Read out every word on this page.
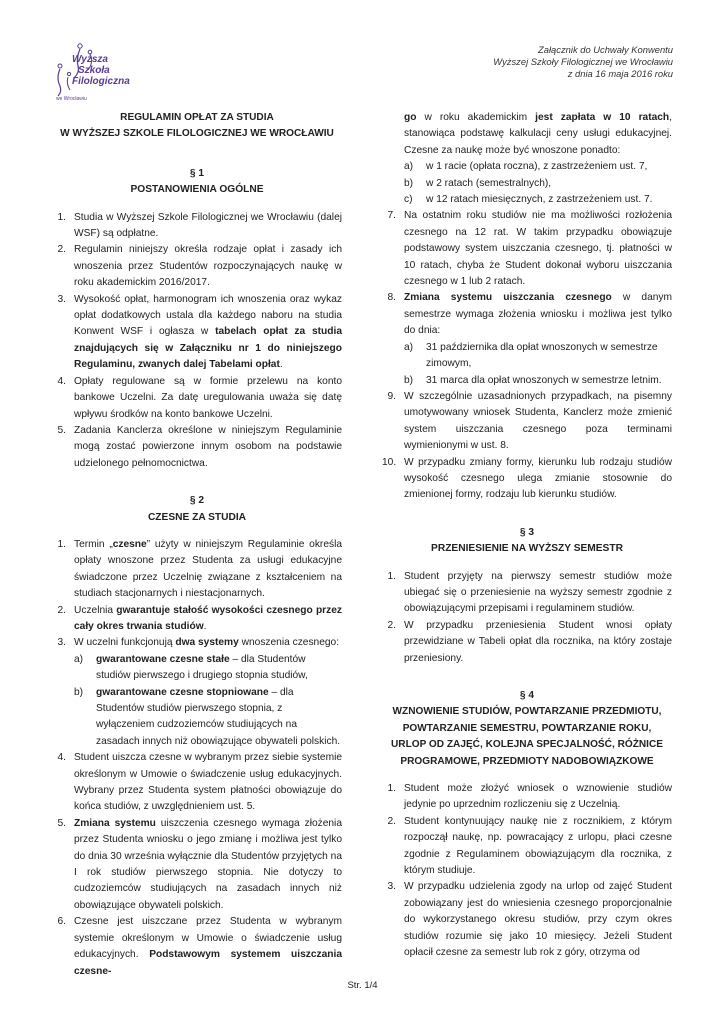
Wyższa
Szkoła
Filologiczna
we Wrocławiu
Załącznik do Uchwały Konwentu
Wyższej Szkoły Filologicznej we Wrocławiu
z dnia 16 maja 2016 roku
REGULAMIN OPŁAT ZA STUDIA
W WYŻSZEJ SZKOLE FILOLOGICZNEJ WE WROCŁAWIU
§ 1
POSTANOWIENIA OGÓLNE
1. Studia w Wyższej Szkole Filologicznej we Wrocławiu (dalej WSF) są odpłatne.
2. Regulamin niniejszy określa rodzaje opłat i zasady ich wnoszenia przez Studentów rozpoczynających naukę w roku akademickim 2016/2017.
3. Wysokość opłat, harmonogram ich wnoszenia oraz wykaz opłat dodatkowych ustala dla każdego naboru na studia Konwent WSF i ogłasza w tabelach opłat za studia znajdujących się w Załączniku nr 1 do niniejszego Regulaminu, zwanych dalej Tabelami opłat.
4. Opłaty regulowane są w formie przelewu na konto bankowe Uczelni. Za datę uregulowania uważa się datę wpływu środków na konto bankowe Uczelni.
5. Zadania Kanclerza określone w niniejszym Regulaminie mogą zostać powierzone innym osobom na podstawie udzielonego pełnomocnictwa.
§ 2
CZESNE ZA STUDIA
1. Termin „czesne” użyty w niniejszym Regulaminie określa opłaty wnoszone przez Studenta za usługi edukacyjne świadczone przez Uczelnię związane z kształceniem na studiach stacjonarnych i niestacjonarnych.
2. Uczelnia gwarantuje stałość wysokości czesnego przez cały okres trwania studiów.
3. W uczelni funkcjonują dwa systemy wnoszenia czesnego:
a) gwarantowane czesne stałe – dla Studentów studiów pierwszego i drugiego stopnia studiów,
b) gwarantowane czesne stopniowane – dla Studentów studiów pierwszego stopnia, z wyłączeniem cudzoziemców studiujących na zasadach innych niż obowiązujące obywateli polskich.
4. Student uiszcza czesne w wybranym przez siebie systemie określonym w Umowie o świadczenie usług edukacyjnych. Wybrany przez Studenta system płatności obowiązuje do końca studiów, z uwzględnieniem ust. 5.
5. Zmiana systemu uiszczenia czesnego wymaga złożenia przez Studenta wniosku o jego zmianę i możliwa jest tylko do dnia 30 września wyłącznie dla Studentów przyjętych na I rok studiów pierwszego stopnia. Nie dotyczy to cudzoziemców studiujących na zasadach innych niż obowiązujące obywateli polskich.
6. Czesne jest uiszczane przez Studenta w wybranym systemie określonym w Umowie o świadczenie usług edukacyjnych. Podstawowym systemem uiszczania czesne-
go w roku akademickim jest zapłata w 10 ratach, stanowiąca podstawę kalkulacji ceny usługi edukacyjnej. Czesne za naukę może być wnoszone ponadto:
a) w 1 racie (opłata roczna), z zastrzeżeniem ust. 7,
b) w 2 ratach (semestralnych),
c) w 12 ratach miesięcznych, z zastrzeżeniem ust. 7.
7. Na ostatnim roku studiów nie ma możliwości rozłożenia czesnego na 12 rat. W takim przypadku obowiązuje podstawowy system uiszczania czesnego, tj. płatności w 10 ratach, chyba że Student dokonał wyboru uiszczania czesnego w 1 lub 2 ratach.
8. Zmiana systemu uiszczania czesnego w danym semestrze wymaga złożenia wniosku i możliwa jest tylko do dnia:
a) 31 października dla opłat wnoszonych w semestrze zimowym,
b) 31 marca dla opłat wnoszonych w semestrze letnim.
9. W szczególnie uzasadnionych przypadkach, na pisemny umotywowany wniosek Studenta, Kanclerz może zmienić system uiszczania czesnego poza terminami wymienionymi w ust. 8.
10. W przypadku zmiany formy, kierunku lub rodzaju studiów wysokość czesnego ulega zmianie stosownie do zmienionej formy, rodzaju lub kierunku studiów.
§ 3
PRZENIESIENIE NA WYŻSZY SEMESTR
1. Student przyjęty na pierwszy semestr studiów może ubiegać się o przeniesienie na wyższy semestr zgodnie z obowiązującymi przepisami i regulaminem studiów.
2. W przypadku przeniesienia Student wnosi opłaty przewidziane w Tabeli opłat dla rocznika, na który zostaje przeniesiony.
§ 4
WZNOWIENIE STUDIÓW, POWTARZANIE PRZEDMIOTU,
POWTARZANIE SEMESTRU, POWTARZANIE ROKU,
URLOP OD ZAJĘĆ, KOLEJNA SPECJALNOŚĆ, RÓŻNICE
PROGRAMOWE, PRZEDMIOTY NADOBOWIĄZKOWE
1. Student może złożyć wniosek o wznowienie studiów jedynie po uprzednim rozliczeniu się z Uczelnią.
2. Student kontynuujący naukę nie z rocznikiem, z którym rozpoczął naukę, np. powracający z urlopu, płaci czesne zgodnie z Regulaminem obowiązującym dla rocznika, z którym studiuje.
3. W przypadku udzielenia zgody na urlop od zajęć Student zobowiązany jest do wniesienia czesnego proporcjonalnie do wykorzystanego okresu studiów, przy czym okres studiów rozumie się jako 10 miesięcy. Jeżeli Student opłacił czesne za semestr lub rok z góry, otrzyma od
Str. 1/4
